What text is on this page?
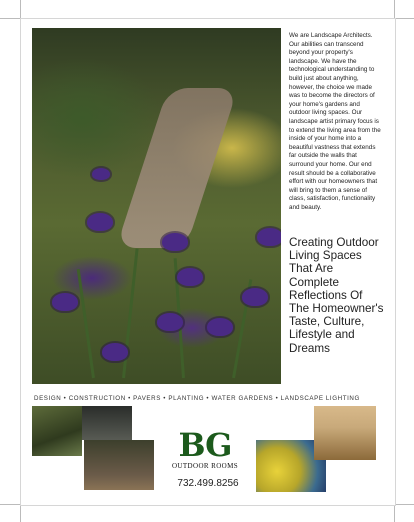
We are Landscape Architects. Our abilities can transcend beyond your property's landscape. We have the technological understanding to build just about anything, however, the choice we made was to become the directors of your home's gardens and outdoor living spaces. Our landscape artist primary focus is to extend the living area from the inside of your home into a beautiful vastness that extends far outside the walls that surround your home. Our end result should be a collaborative effort with our homeowners that will bring to them a sense of class, satisfaction, functionality and beauty.
Creating Outdoor Living Spaces That Are Complete Reflections Of The Homeowner's Taste, Culture, Lifestyle and Dreams
DESIGN • CONSTRUCTION • PAVERS • PLANTING • WATER GARDENS • LANDSCAPE LIGHTING
BG
OUTDOOR ROOMS
732.499.8256
